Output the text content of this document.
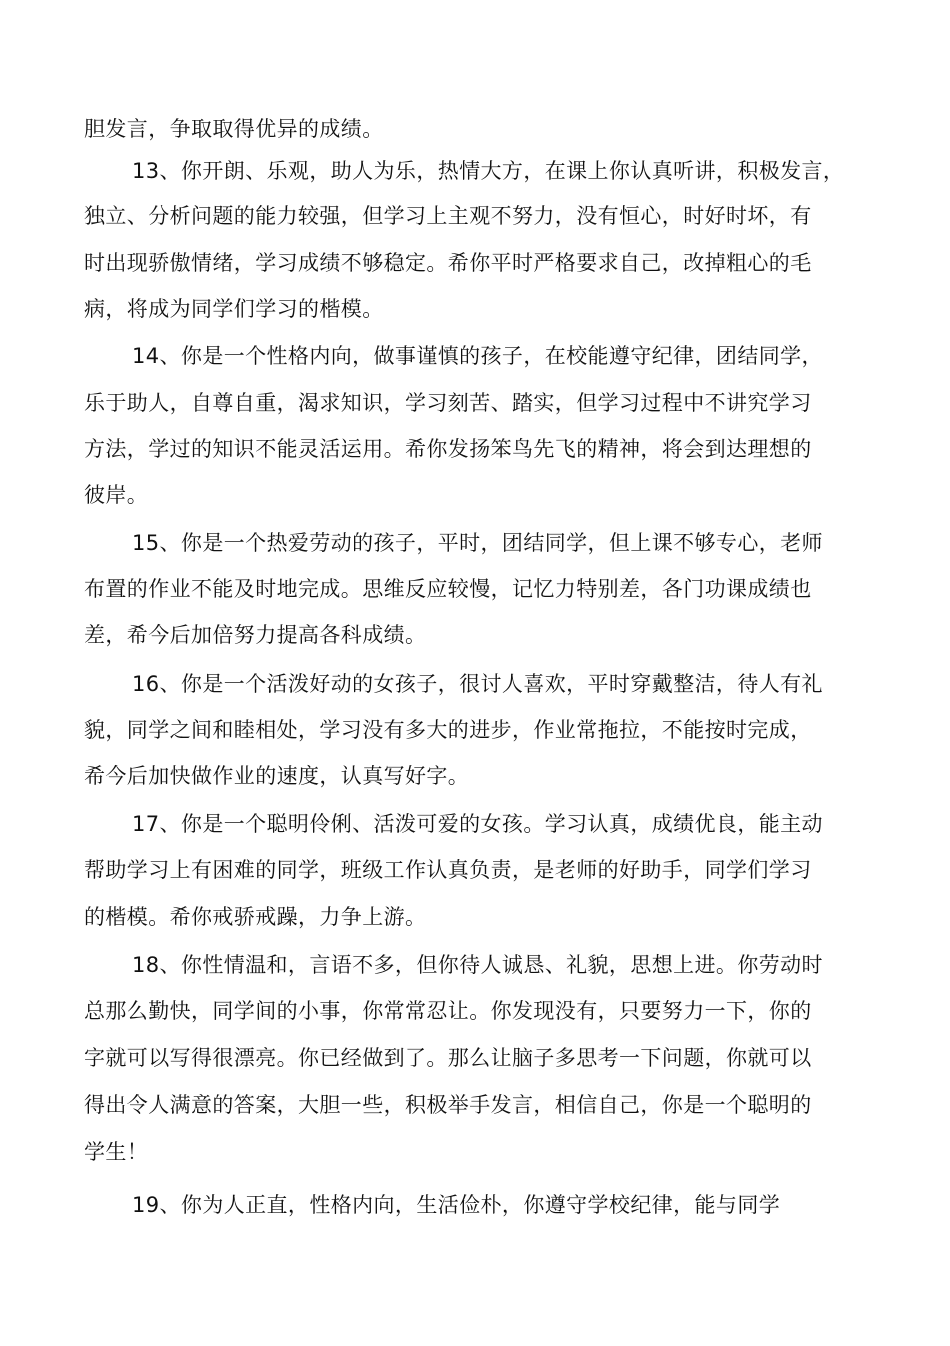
胆发言，争取取得优异的成绩。
13、你开朗、乐观，助人为乐，热情大方，在课上你认真听讲，积极发言，
独立、分析问题的能力较强，但学习上主观不努力，没有恒心，时好时坏，有
时出现骄傲情绪，学习成绩不够稳定。希你平时严格要求自己，改掉粗心的毛
病，将成为同学们学习的楷模。
14、你是一个性格内向，做事谨慎的孩子，在校能遵守纪律，团结同学，
乐于助人，自尊自重，渴求知识，学习刻苦、踏实，但学习过程中不讲究学习
方法，学过的知识不能灵活运用。希你发扬笨鸟先飞的精神，将会到达理想的
彼岸。
15、你是一个热爱劳动的孩子，平时，团结同学，但上课不够专心，老师
布置的作业不能及时地完成。思维反应较慢，记忆力特别差，各门功课成绩也
差，希今后加倍努力提高各科成绩。
16、你是一个活泼好动的女孩子，很讨人喜欢，平时穿戴整洁，待人有礼
貌，同学之间和睦相处，学习没有多大的进步，作业常拖拉，不能按时完成，
希今后加快做作业的速度，认真写好字。
17、你是一个聪明伶俐、活泼可爱的女孩。学习认真，成绩优良，能主动
帮助学习上有困难的同学，班级工作认真负责，是老师的好助手，同学们学习
的楷模。希你戒骄戒躁，力争上游。
18、你性情温和，言语不多，但你待人诚恳、礼貌，思想上进。你劳动时
总那么勤快，同学间的小事，你常常忍让。你发现没有，只要努力一下，你的
字就可以写得很漂亮。你已经做到了。那么让脑子多思考一下问题，你就可以
得出令人满意的答案，大胆一些，积极举手发言，相信自己，你是一个聪明的
学生！
19、你为人正直，性格内向，生活俭朴，你遵守学校纪律，能与同学
